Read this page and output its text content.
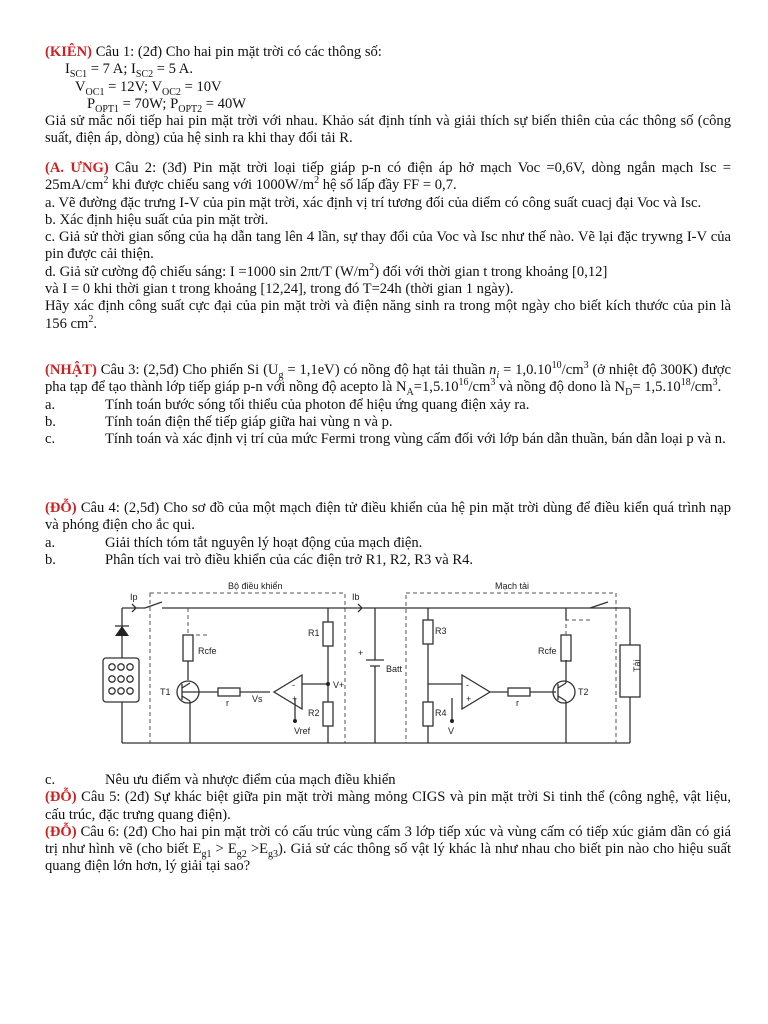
(KIÊN) Câu 1: (2đ) Cho hai pin mặt trời có các thông số:

$I_{SC1} = 7$ A; $I_{SC2} = 5$ A.

$V_{OC1} = 12V$; $V_{OC2} = 10V$

$P_{OPT1} = 70W$; $P_{OPT2} = 40W$

Giả sử mắc nối tiếp hai pin mặt trời với nhau. Khảo sát định tính và giải thích sự biến thiên của các thông số (công suất, điện áp, dòng) của hệ sinh ra khi thay đổi tải R.

(A. ƯNG) Câu 2: (3đ) Pin mặt trời loại tiếp giáp p-n có điện áp hở mạch Voc =0,6V, dòng ngắn mạch Isc = $25mA/cm^2$ khi được chiếu sang với $1000W/m^2$ hệ số lấp đầy FF = 0,7.

a. Vẽ đường đặc trưng I-V của pin mặt trời, xác định vị trí tương đối của diểm có công suất cuacj đại Voc và Isc.

b. Xác định hiệu suất của pin mặt trời.

c. Giả sử thời gian sống của hạ dẫn tang lên 4 lần, sự thay đổi của Voc và Isc như thế nào. Vẽ lại đặc trywng I-V của pin được cải thiện.

d. Giả sử cường độ chiếu sáng: I =1000 sin 2πt/T $(W/m^2)$ đối với thời gian t trong khoảng [0,12]

và I = 0 khi thời gian t trong khoảng [12,24], trong đó T=24h (thời gian 1 ngày).

Hãy xác định công suất cực đại của pin mặt trời và điện năng sinh ra trong một ngày cho biết kích thước của pin là 156 $cm^2$.

(NHẬT) Câu 3: (2,5đ) Cho phiến Si $(U_g = 1,1eV)$ có nồng độ hạt tải thuần $n_i = 1,0.10^{10}/cm^3$ (ở nhiệt độ 300K) được pha tạp để tạo thành lớp tiếp giáp p-n với nồng độ acepto là $N_A=1,5.10^{16}/cm^3$ và nồng độ dono là $N_D= 1,5.10^{18}/cm^3$.

a.	Tính toán bước sóng tối thiểu của photon để hiệu ứng quang điện xảy ra.
b.	Tính toán điện thế tiếp giáp giữa hai vùng n và p.
c.	Tính toán và xác định vị trí của mức Fermi trong vùng cấm đối với lớp bán dẫn thuần, bán dẫn loại p và n.

(ĐỖ) Câu 4: (2,5đ) Cho sơ đồ của một mạch điện tử điều khiển của hệ pin mặt trời dùng để điều kiển quá trình nạp và phóng điện cho ắc qui.

a.	Giải thích tóm tắt nguyên lý hoạt động của mạch điện.
b.	Phân tích vai trò điều khiển của các điện trở R1, R2, R3 và R4.
Bộ điều khiển	Mạch tải
Ip	Ib
Rcfe
T1
r	Vs
-
+
Vref
R1
V+
R2
+
Batt
R3
R4
V
-
+	r
T2
Rcfe
Tải
c.	Nêu ưu điểm và nhược điểm của mạch điều khiển

(ĐỖ) Câu 5: (2đ) Sự khác biệt giữa pin mặt trời màng mỏng CIGS và pin mặt trời Si tinh thể (công nghệ, vật liệu, cấu trúc, đặc trưng quang điện).

(ĐỖ) Câu 6: (2đ) Cho hai pin mặt trời có cấu trúc vùng cấm 3 lớp tiếp xúc và vùng cấm có tiếp xúc giảm dần có giá trị như hình vẽ (cho biết $E_{g1} > E_{g2} >E_{g3}$). Giả sử các thông số vật lý khác là như nhau cho biết pin nào cho hiệu suất quang điện lớn hơn, lý giải tại sao?
